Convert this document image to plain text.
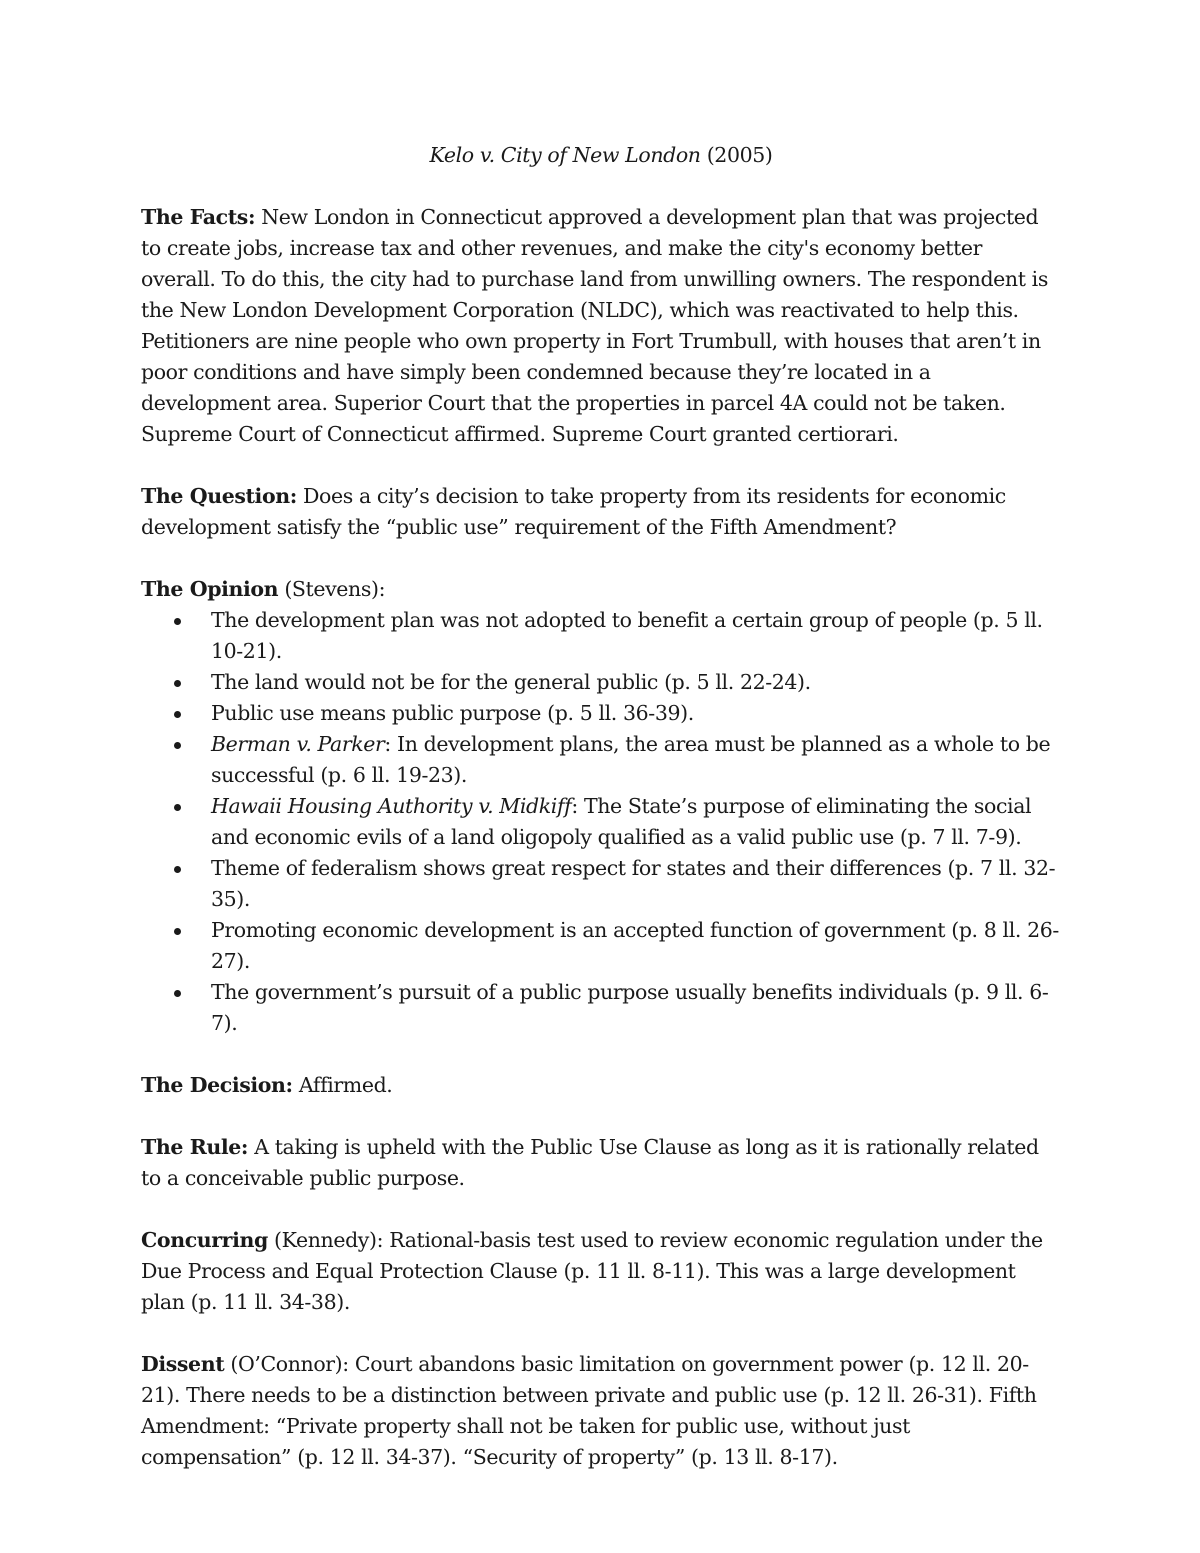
Kelo v. City of New London (2005)

The Facts: New London in Connecticut approved a development plan that was projected to create jobs, increase tax and other revenues, and make the city's economy better overall. To do this, the city had to purchase land from unwilling owners. The respondent is the New London Development Corporation (NLDC), which was reactivated to help this. Petitioners are nine people who own property in Fort Trumbull, with houses that aren’t in poor conditions and have simply been condemned because they’re located in a development area. Superior Court that the properties in parcel 4A could not be taken. Supreme Court of Connecticut affirmed. Supreme Court granted certiorari.

The Question: Does a city’s decision to take property from its residents for economic development satisfy the “public use” requirement of the Fifth Amendment?

The Opinion (Stevens):
The development plan was not adopted to benefit a certain group of people (p. 5 ll. 10-21).
The land would not be for the general public (p. 5 ll. 22-24).
Public use means public purpose (p. 5 ll. 36-39).
Berman v. Parker: In development plans, the area must be planned as a whole to be successful (p. 6 ll. 19-23).
Hawaii Housing Authority v. Midkiff: The State’s purpose of eliminating the social and economic evils of a land oligopoly qualified as a valid public use (p. 7 ll. 7-9).
Theme of federalism shows great respect for states and their differences (p. 7 ll. 32-35).
Promoting economic development is an accepted function of government (p. 8 ll. 26-27).
The government’s pursuit of a public purpose usually benefits individuals (p. 9 ll. 6-7).

The Decision: Affirmed.

The Rule: A taking is upheld with the Public Use Clause as long as it is rationally related to a conceivable public purpose.

Concurring (Kennedy): Rational-basis test used to review economic regulation under the Due Process and Equal Protection Clause (p. 11 ll. 8-11). This was a large development plan (p. 11 ll. 34-38).

Dissent (O’Connor): Court abandons basic limitation on government power (p. 12 ll. 20-21). There needs to be a distinction between private and public use (p. 12 ll. 26-31). Fifth Amendment: “Private property shall not be taken for public use, without just compensation” (p. 12 ll. 34-37). “Security of property” (p. 13 ll. 8-17).
